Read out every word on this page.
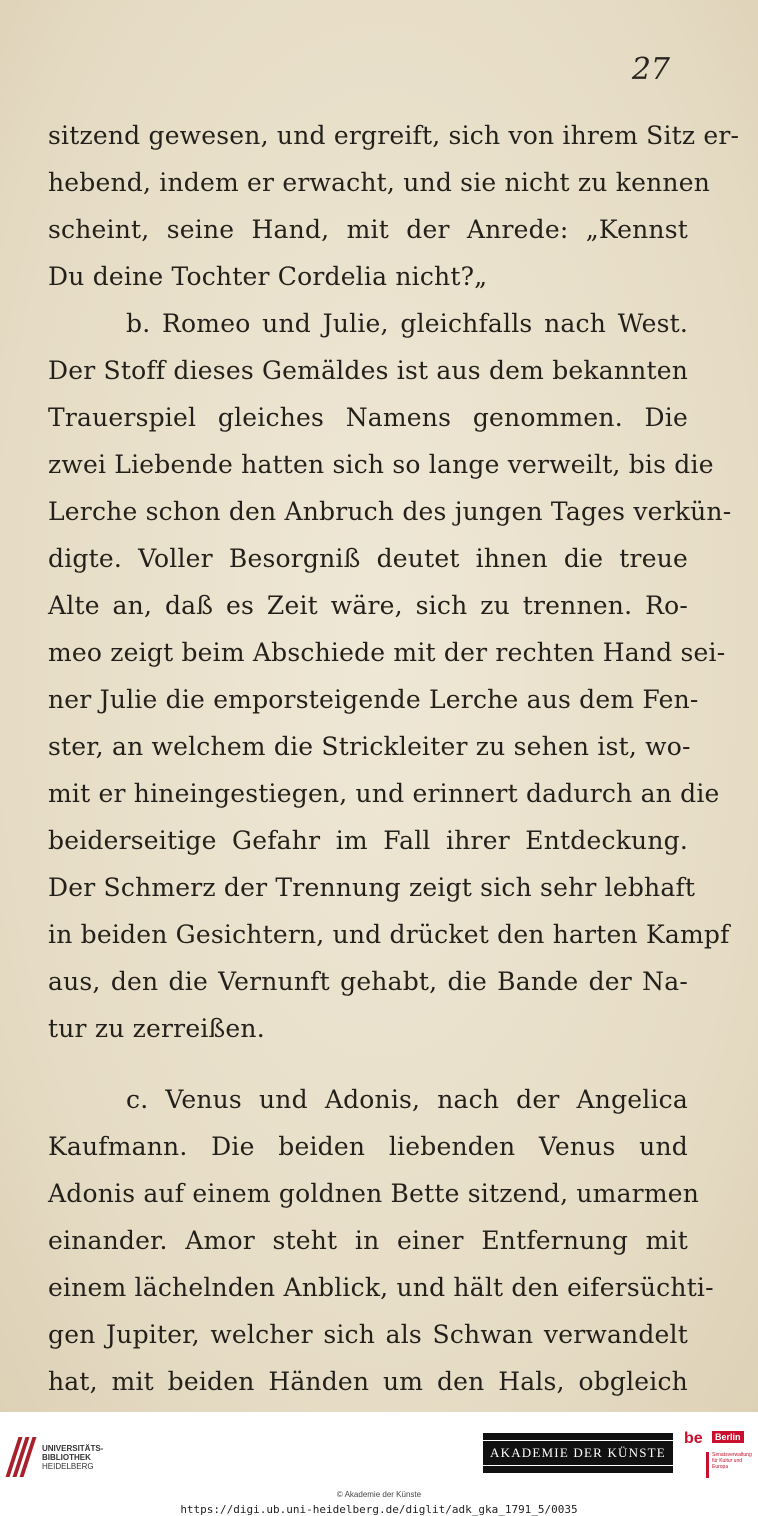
27
sitzend gewesen, und ergreift, sich von ihrem Sitz er-
hebend, indem er erwacht, und sie nicht zu kennen
scheint, seine Hand, mit der Anrede: „Kennst
Du deine Tochter Cordelia nicht?„
b. Romeo und Julie, gleichfalls nach West.
Der Stoff dieses Gemäldes ist aus dem bekannten
Trauerspiel gleiches Namens genommen. Die
zwei Liebende hatten sich so lange verweilt, bis die
Lerche schon den Anbruch des jungen Tages verkün-
digte. Voller Besorgniß deutet ihnen die treue
Alte an, daß es Zeit wäre, sich zu trennen. Ro-
meo zeigt beim Abschiede mit der rechten Hand sei-
ner Julie die emporsteigende Lerche aus dem Fen-
ster, an welchem die Strickleiter zu sehen ist, wo-
mit er hineingestiegen, und erinnert dadurch an die
beiderseitige Gefahr im Fall ihrer Entdeckung.
Der Schmerz der Trennung zeigt sich sehr lebhaft
in beiden Gesichtern, und drücket den harten Kampf
aus, den die Vernunft gehabt, die Bande der Na-
tur zu zerreißen.
c. Venus und Adonis, nach der Angelica
Kaufmann. Die beiden liebenden Venus und
Adonis auf einem goldnen Bette sitzend, umarmen
einander. Amor steht in einer Entfernung mit
einem lächelnden Anblick, und hält den eifersüchti-
gen Jupiter, welcher sich als Schwan verwandelt
hat, mit beiden Händen um den Hals, obgleich
UNIVERSITÄTS-
BIBLIOTHEK
HEIDELBERG
AKADEMIE DER KÜNSTE
be	Berlin
Senatsverwaltung für Kultur und Europa
© Akademie der Künste
https://digi.ub.uni-heidelberg.de/diglit/adk_gka_1791_5/0035
